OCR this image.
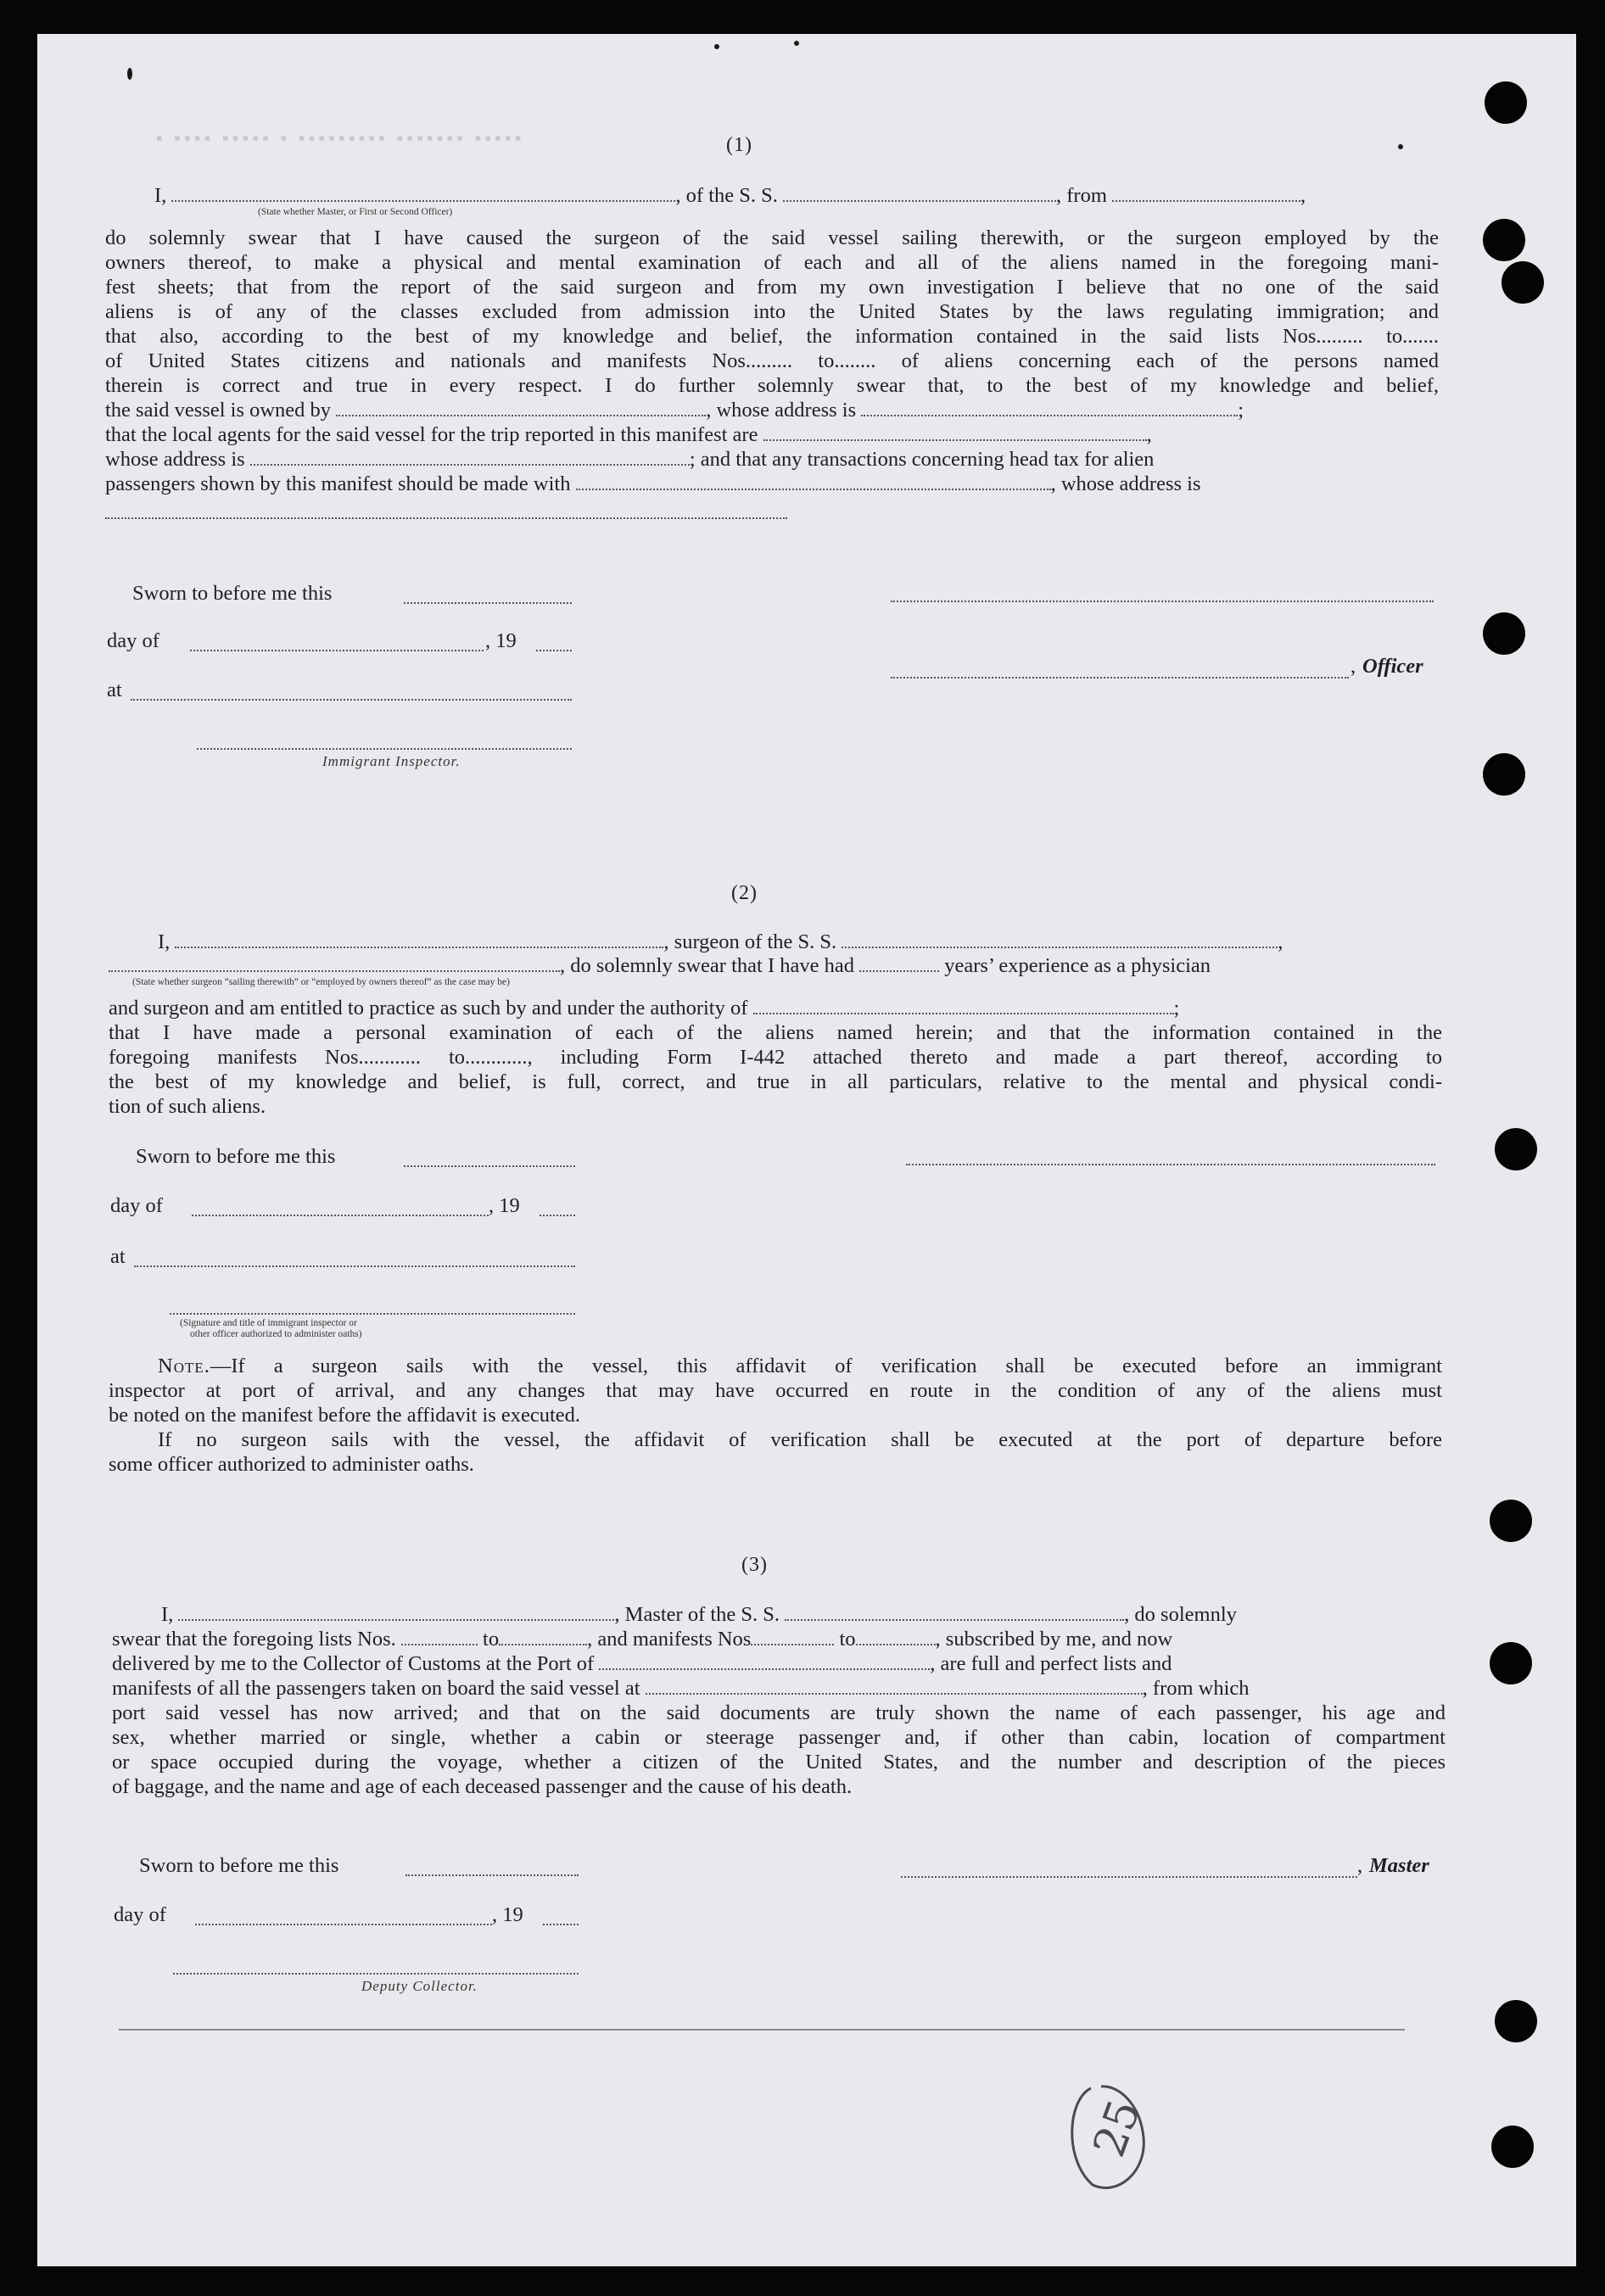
▪ ▪▪▪▪ ▪▪▪▪▪ ▪ ▪▪▪▪▪▪▪▪▪ ▪▪▪▪▪▪▪ ▪▪▪▪▪	(1)
I,	, of the S. S.	, from	,
(State whether Master, or First or Second Officer)
do solemnly swear that I have caused the surgeon of the said vessel sailing therewith, or the surgeon employed by the
owners thereof, to make a physical and mental examination of each and all of the aliens named in the foregoing mani-
fest sheets; that from the report of the said surgeon and from my own investigation I believe that no one of the said
aliens is of any of the classes excluded from admission into the United States by the laws regulating immigration; and
that also, according to the best of my knowledge and belief, the information contained in the said lists Nos......... to.......
of United States citizens and nationals and manifests Nos......... to........ of aliens concerning each of the persons named
therein is correct and true in every respect. I do further solemnly swear that, to the best of my knowledge and belief,
the said vessel is owned by	, whose address is	;
that the local agents for the said vessel for the trip reported in this manifest are	,
whose address is	; and that any transactions concerning head tax for alien
passengers shown by this manifest should be made with	, whose address is
Sworn to before me this
day of	, 19
, Officer
at
Immigrant Inspector.
(2)
I,	, surgeon of the S. S.	,
, do solemnly swear that I have had	years’ experience as a physician
(State whether surgeon “sailing therewith” or “employed by owners thereof” as the case may be)
and surgeon and am entitled to practice as such by and under the authority of	;
that I have made a personal examination of each of the aliens named herein; and that the information contained in the
foregoing manifests Nos............ to............, including Form I-442 attached thereto and made a part thereof, according to
the best of my knowledge and belief, is full, correct, and true in all particulars, relative to the mental and physical condi-
tion of such aliens.
Sworn to before me this
day of	, 19
at
(Signature and title of immigrant inspector or
other officer authorized to administer oaths)
Note.—If a surgeon sails with the vessel, this affidavit of verification shall be executed before an immigrant
inspector at port of arrival, and any changes that may have occurred en route in the condition of any of the aliens must
be noted on the manifest before the affidavit is executed.
If no surgeon sails with the vessel, the affidavit of verification shall be executed at the port of departure before
some officer authorized to administer oaths.
(3)
I,	, Master of the S. S.	, do solemnly
swear that the foregoing lists Nos.	to	, and manifests Nos	to	, subscribed by me, and now
delivered by me to the Collector of Customs at the Port of	, are full and perfect lists and
manifests of all the passengers taken on board the said vessel at	, from which
port said vessel has now arrived; and that on the said documents are truly shown the name of each passenger, his age and
sex, whether married or single, whether a cabin or steerage passenger and, if other than cabin, location of compartment
or space occupied during the voyage, whether a citizen of the United States, and the number and description of the pieces
of baggage, and the name and age of each deceased passenger and the cause of his death.
Sworn to before me this	, Master
day of	, 19
Deputy Collector.
25
